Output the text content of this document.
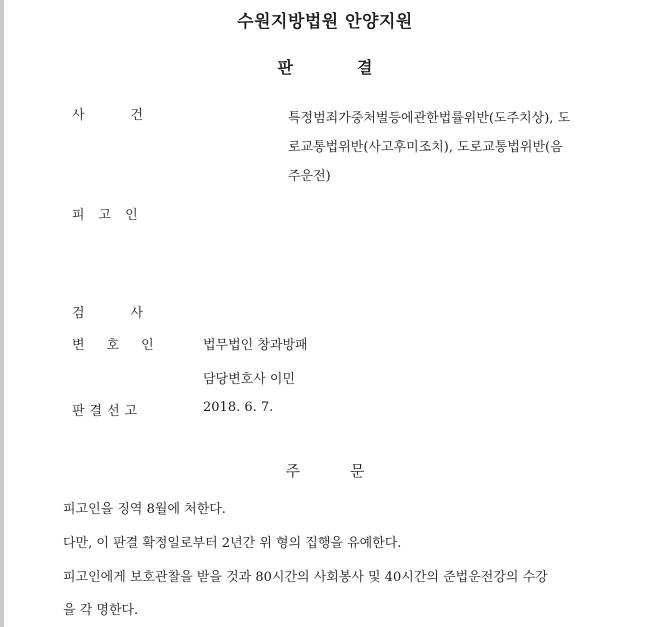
수원지방법원 안양지원
판결
사건	특정범죄가중처벌등에관한법률위반(도주치상), 도
로교통법위반(사고후미조치), 도로교통법위반(음
주운전)
피고인
검사
변호인 법무법인 창과방패
담당변호사 이민
판결선고	2018. 6. 7.
주문
피고인을 징역 8월에 처한다.
다만, 이 판결 확정일로부터 2년간 위 형의 집행을 유예한다.
피고인에게 보호관찰을 받을 것과 80시간의 사회봉사 및 40시간의 준법운전강의 수강
을 각 명한다.
